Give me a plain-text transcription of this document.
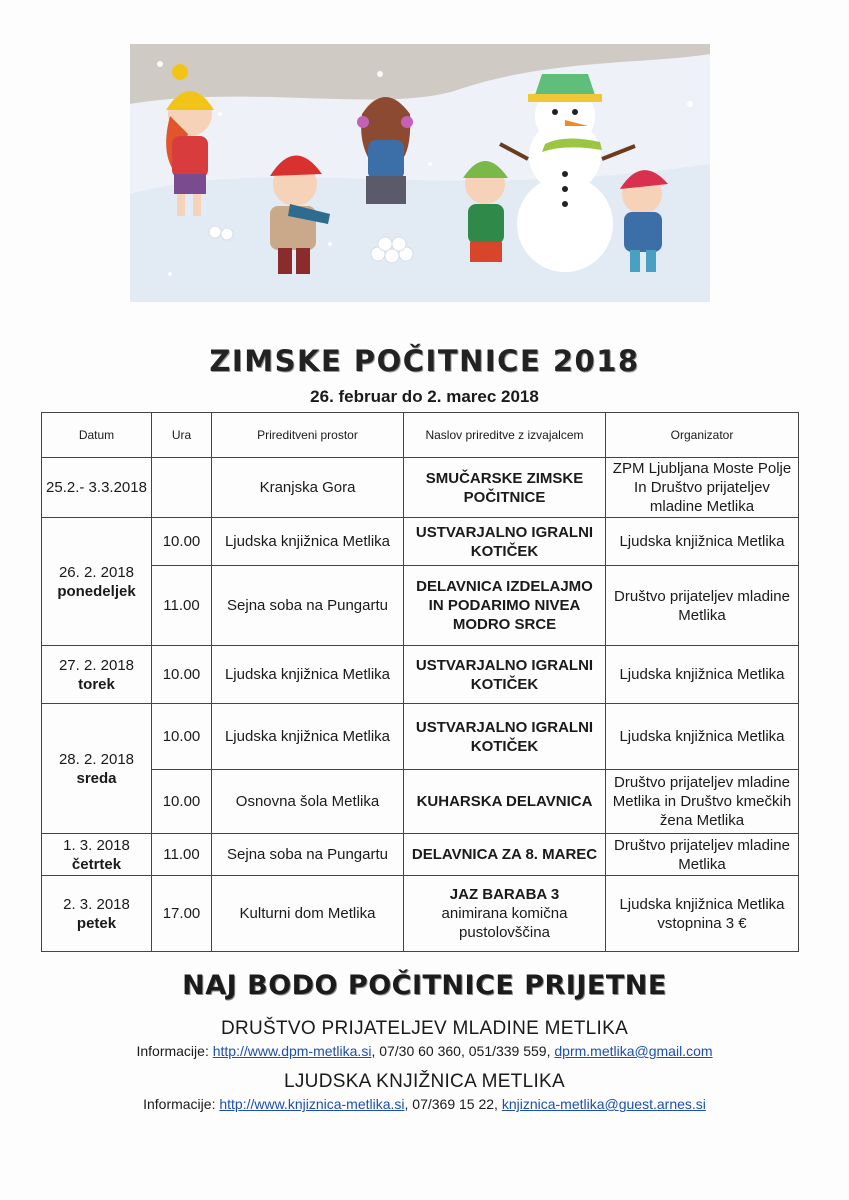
ZIMSKE POČITNICE 2018
26. februar do 2. marec 2018
Datum	Ura	Prireditveni prostor	Naslov prireditve z izvajalcem	Organizator
25.2.- 3.3.2018		Kranjska Gora	SMUČARSKE ZIMSKE POČITNICE	ZPM Ljubljana Moste Polje In Društvo prijateljev mladine Metlika

26. 2. 2018
ponedeljek	10.00	Ljudska knjižnica Metlika	USTVARJALNO IGRALNI KOTIČEK	Ljudska knjižnica Metlika
	11.00	Sejna soba na Pungartu	DELAVNICA IZDELAJMO IN PODARIMO NIVEA MODRO SRCE	Društvo prijateljev mladine Metlika

27. 2. 2018
torek	10.00	Ljudska knjižnica Metlika	USTVARJALNO IGRALNI KOTIČEK	Ljudska knjižnica Metlika

28. 2. 2018
sreda	10.00	Ljudska knjižnica Metlika	USTVARJALNO IGRALNI KOTIČEK	Ljudska knjižnica Metlika
	10.00	Osnovna šola Metlika	KUHARSKA DELAVNICA	Društvo prijateljev mladine Metlika in Društvo kmečkih žena Metlika

1. 3. 2018
četrtek	11.00	Sejna soba na Pungartu	DELAVNICA ZA 8. MAREC	Društvo prijateljev mladine Metlika

2. 3. 2018
petek	17.00	Kulturni dom Metlika	JAZ BARABA 3
animirana komična pustolovščina	Ljudska knjižnica Metlika vstopnina 3 €
NAJ BODO POČITNICE PRIJETNE
DRUŠTVO PRIJATELJEV MLADINE METLIKA
Informacije: http://www.dpm-metlika.si, 07/30 60 360, 051/339 559, dprm.metlika@gmail.com
LJUDSKA KNJIŽNICA METLIKA
Informacije: http://www.knjiznica-metlika.si, 07/369 15 22, knjiznica-metlika@guest.arnes.si
